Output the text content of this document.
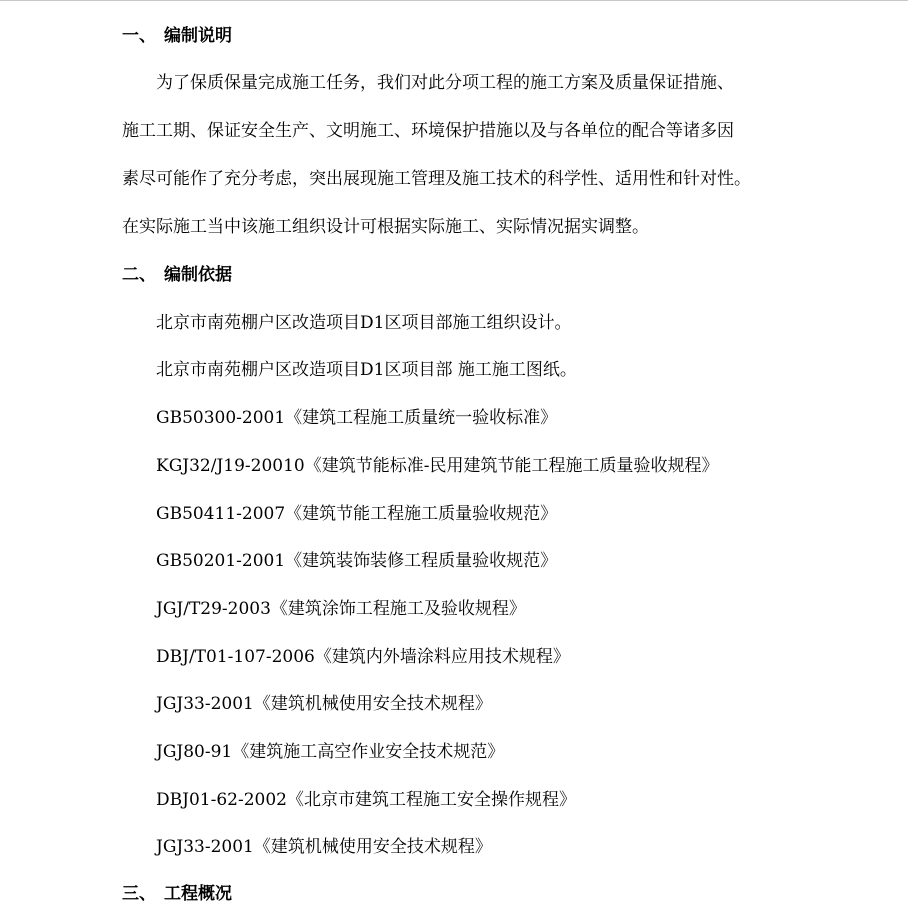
一、 编制说明
为了保质保量完成施工任务，我们对此分项工程的施工方案及质量保证措施、
施工工期、保证安全生产、文明施工、环境保护措施以及与各单位的配合等诸多因
素尽可能作了充分考虑，突出展现施工管理及施工技术的科学性、适用性和针对性。
在实际施工当中该施工组织设计可根据实际施工、实际情况据实调整。
二、 编制依据
北京市南苑棚户区改造项目D1区项目部施工组织设计。
北京市南苑棚户区改造项目D1区项目部 施工施工图纸。
GB50300-2001《建筑工程施工质量统一验收标准》
KGJ32/J19-20010《建筑节能标准-民用建筑节能工程施工质量验收规程》
GB50411-2007《建筑节能工程施工质量验收规范》
GB50201-2001《建筑装饰装修工程质量验收规范》
JGJ/T29-2003《建筑涂饰工程施工及验收规程》
DBJ/T01-107-2006《建筑内外墙涂料应用技术规程》
JGJ33-2001《建筑机械使用安全技术规程》
JGJ80-91《建筑施工高空作业安全技术规范》
DBJ01-62-2002《北京市建筑工程施工安全操作规程》
JGJ33-2001《建筑机械使用安全技术规程》
三、 工程概况
